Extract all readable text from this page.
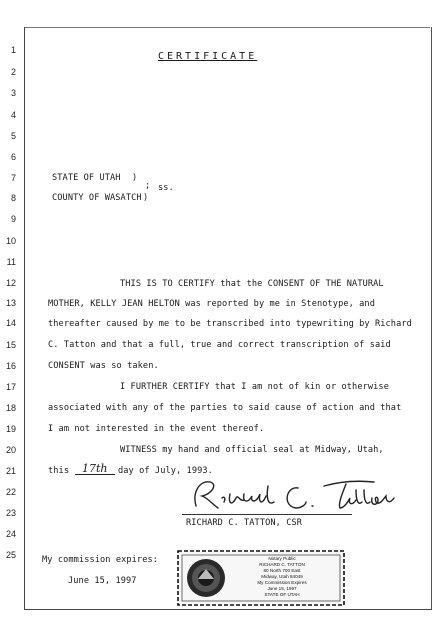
1
2
3
4
5
6
7
8
9
10
11
12
13
14
15
16
17
18
19
20
21
22
23
24
25
CERTIFICATE
STATE OF UTAH )
; ss.
COUNTY OF WASATCH )
THIS IS TO CERTIFY that the CONSENT OF THE NATURAL
MOTHER, KELLY JEAN HELTON was reported by me in Stenotype, and
thereafter caused by me to be transcribed into typewriting by Richard
C. Tatton and that a full, true and correct transcription of said
CONSENT was so taken.
I FURTHER CERTIFY that I am not of kin or otherwise
associated with any of the parties to said cause of action and that
I am not interested in the event thereof.
WITNESS my hand and official seal at Midway, Utah,
this 17th day of July, 1993.
RICHARD C. TATTON, CSR
My commission expires:
June 15, 1997
Notary Public
RICHARD C. TATTON
80 North 700 East
Midway, Utah 84049
My Commission Expires
June 15, 1997
STATE OF UTAH
